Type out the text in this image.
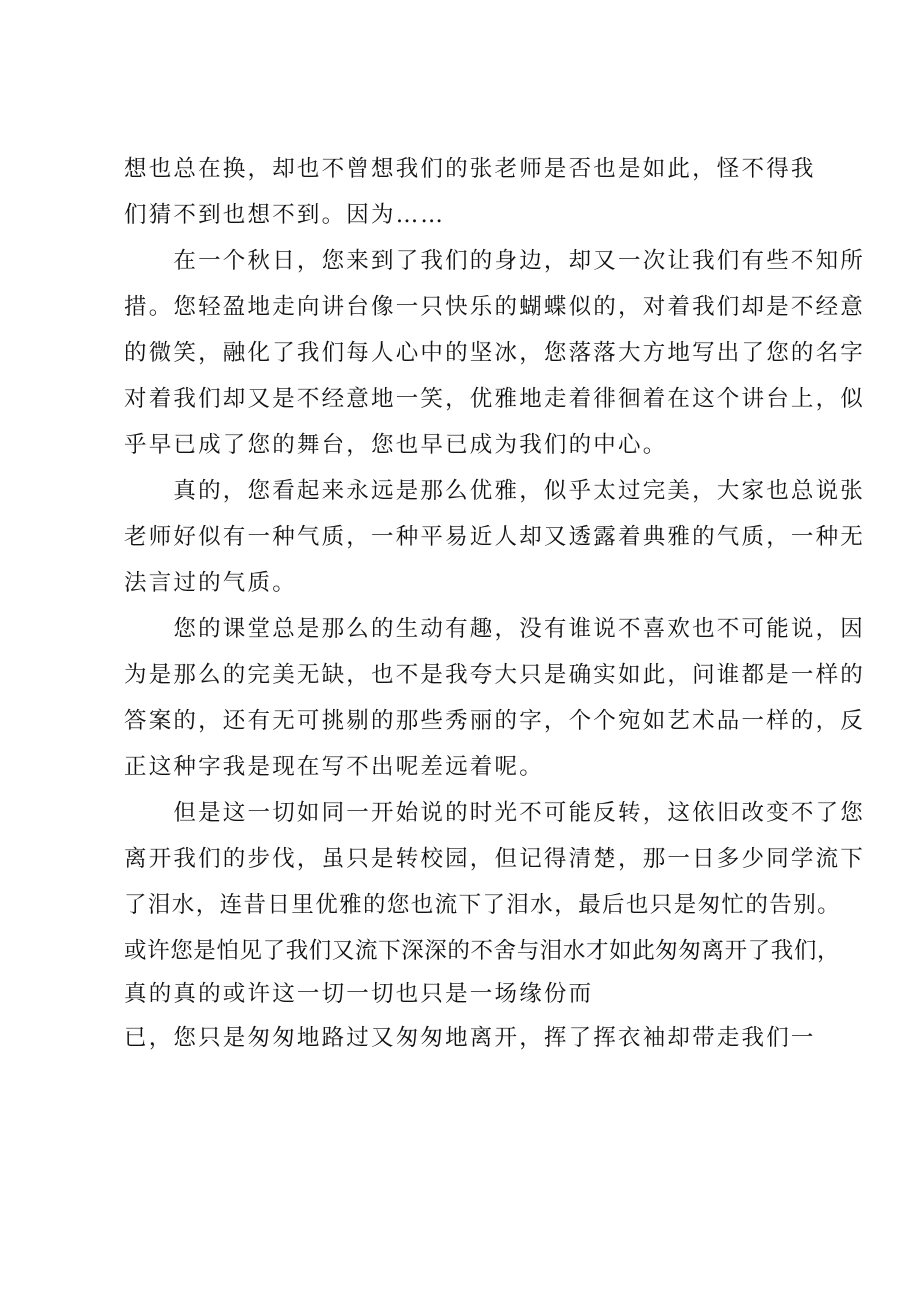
想也总在换，却也不曾想我们的张老师是否也是如此，怪不得我
们猜不到也想不到。因为……
　　在一个秋日，您来到了我们的身边，却又一次让我们有些不知所
措。您轻盈地走向讲台像一只快乐的蝴蝶似的，对着我们却是不经意
的微笑，融化了我们每人心中的坚冰，您落落大方地写出了您的名字
对着我们却又是不经意地一笑，优雅地走着徘徊着在这个讲台上，似
乎早已成了您的舞台，您也早已成为我们的中心。
　　真的，您看起来永远是那么优雅，似乎太过完美，大家也总说张
老师好似有一种气质，一种平易近人却又透露着典雅的气质，一种无
法言过的气质。
　　您的课堂总是那么的生动有趣，没有谁说不喜欢也不可能说，因
为是那么的完美无缺，也不是我夸大只是确实如此，问谁都是一样的
答案的，还有无可挑剔的那些秀丽的字，个个宛如艺术品一样的，反
正这种字我是现在写不出呢差远着呢。
　　但是这一切如同一开始说的时光不可能反转，这依旧改变不了您
离开我们的步伐，虽只是转校园，但记得清楚，那一日多少同学流下
了泪水，连昔日里优雅的您也流下了泪水，最后也只是匆忙的告别。
或许您是怕见了我们又流下深深的不舍与泪水才如此匆匆离开了我们，
真的真的或许这一切一切也只是一场缘份而
已，您只是匆匆地路过又匆匆地离开，挥了挥衣袖却带走我们一
